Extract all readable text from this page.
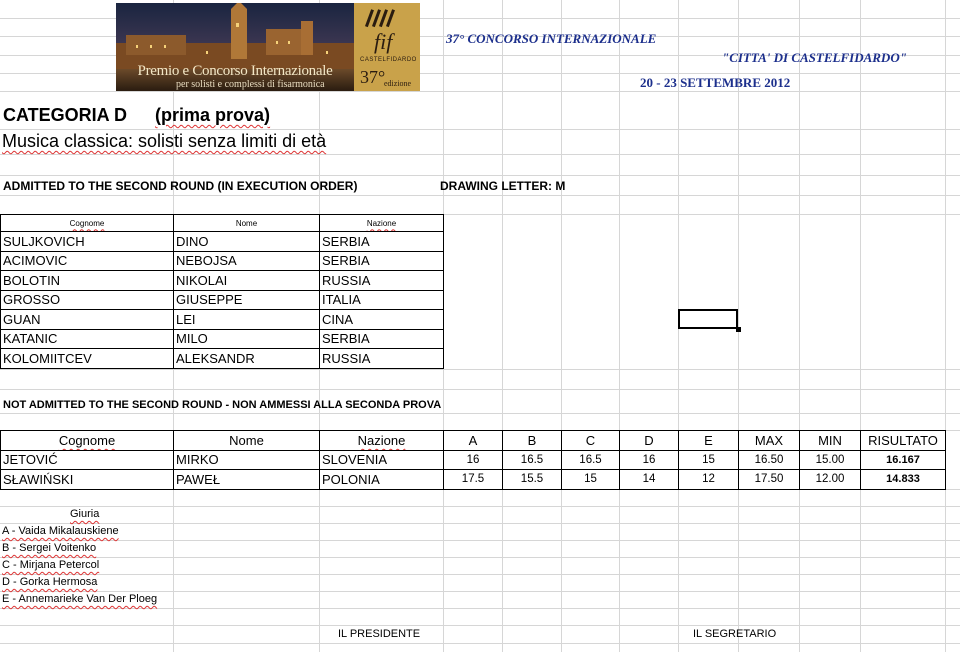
Premio e Concorso Internazionale
per solisti e complessi di fisarmonica
fif
CASTELFIDARDO
37°
edizione
37° CONCORSO INTERNAZIONALE
"CITTA' DI CASTELFIDARDO"
20 - 23 SETTEMBRE 2012
CATEGORIA D (prima prova)
Musica classica: solisti senza limiti di età
ADMITTED TO THE SECOND ROUND (IN EXECUTION ORDER)	DRAWING LETTER: M
Cognome	Nome	Nazione
SULJKOVICH	DINO	SERBIA
ACIMOVIC	NEBOJSA	SERBIA
BOLOTIN	NIKOLAI	RUSSIA
GROSSO	GIUSEPPE	ITALIA
GUAN	LEI	CINA
KATANIC	MILO	SERBIA
KOLOMIITCEV	ALEKSANDR	RUSSIA
NOT ADMITTED TO THE SECOND ROUND - NON AMMESSI ALLA SECONDA PROVA
Cognome	Nome	Nazione	A	B	C	D	E	MAX	MIN	RISULTATO
JETOVIĆ	MIRKO	SLOVENIA	16	16.5	16.5	16	15	16.50	15.00	16.167
SŁAWIŃSKI	PAWEŁ	POLONIA	17.5	15.5	15	14	12	17.50	12.00	14.833
Giuria
A - Vaida Mikalauskiene
B - Sergei Voitenko
C - Mirjana Petercol
D - Gorka Hermosa
E - Annemarieke Van Der Ploeg
IL PRESIDENTE	IL SEGRETARIO
